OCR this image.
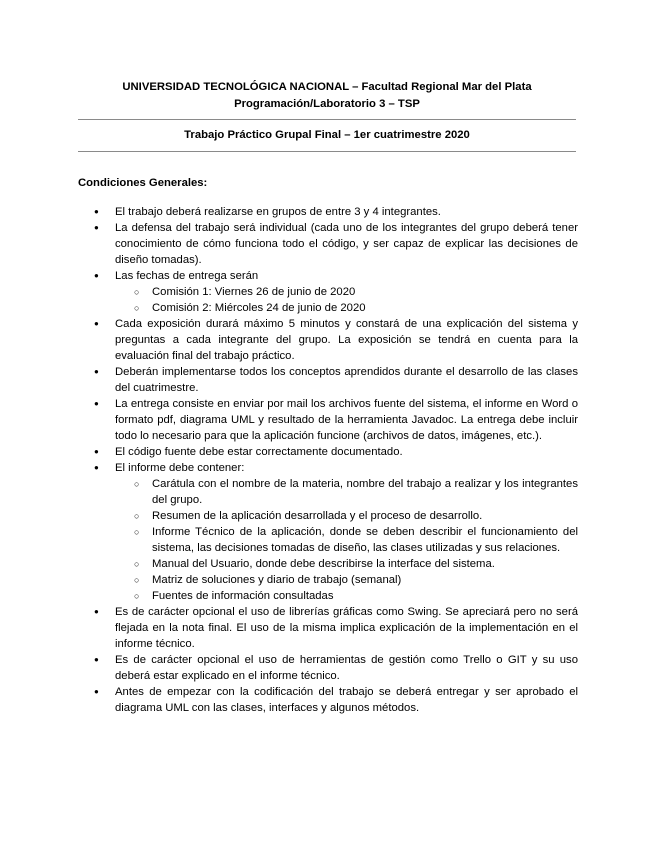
UNIVERSIDAD TECNOLÓGICA NACIONAL – Facultad Regional Mar del Plata
Programación/Laboratorio 3 – TSP
Trabajo Práctico Grupal Final – 1er cuatrimestre 2020
Condiciones Generales:
● El trabajo deberá realizarse en grupos de entre 3 y 4 integrantes.
● La defensa del trabajo será individual (cada uno de los integrantes del grupo deberá tener conocimiento de cómo funciona todo el código, y ser capaz de explicar las decisiones de diseño tomadas).
● Las fechas de entrega serán
○ Comisión 1: Viernes 26 de junio de 2020
○ Comisión 2: Miércoles 24 de junio de 2020
● Cada exposición durará máximo 5 minutos y constará de una explicación del sistema y preguntas a cada integrante del grupo. La exposición se tendrá en cuenta para la evaluación final del trabajo práctico.
● Deberán implementarse todos los conceptos aprendidos durante el desarrollo de las clases del cuatrimestre.
● La entrega consiste en enviar por mail los archivos fuente del sistema, el informe en Word o formato pdf, diagrama UML y resultado de la herramienta Javadoc. La entrega debe incluir todo lo necesario para que la aplicación funcione (archivos de datos, imágenes, etc.).
● El código fuente debe estar correctamente documentado.
● El informe debe contener:
○ Carátula con el nombre de la materia, nombre del trabajo a realizar y los integrantes del grupo.
○ Resumen de la aplicación desarrollada y el proceso de desarrollo.
○ Informe Técnico de la aplicación, donde se deben describir el funcionamiento del sistema, las decisiones tomadas de diseño, las clases utilizadas y sus relaciones.
○ Manual del Usuario, donde debe describirse la interface del sistema.
○ Matriz de soluciones y diario de trabajo (semanal)
○ Fuentes de información consultadas
● Es de carácter opcional el uso de librerías gráficas como Swing. Se apreciará pero no será flejada en la nota final. El uso de la misma implica explicación de la implementación en el informe técnico.
● Es de carácter opcional el uso de herramientas de gestión como Trello o GIT y su uso deberá estar explicado en el informe técnico.
● Antes de empezar con la codificación del trabajo se deberá entregar y ser aprobado el diagrama UML con las clases, interfaces y algunos métodos.
